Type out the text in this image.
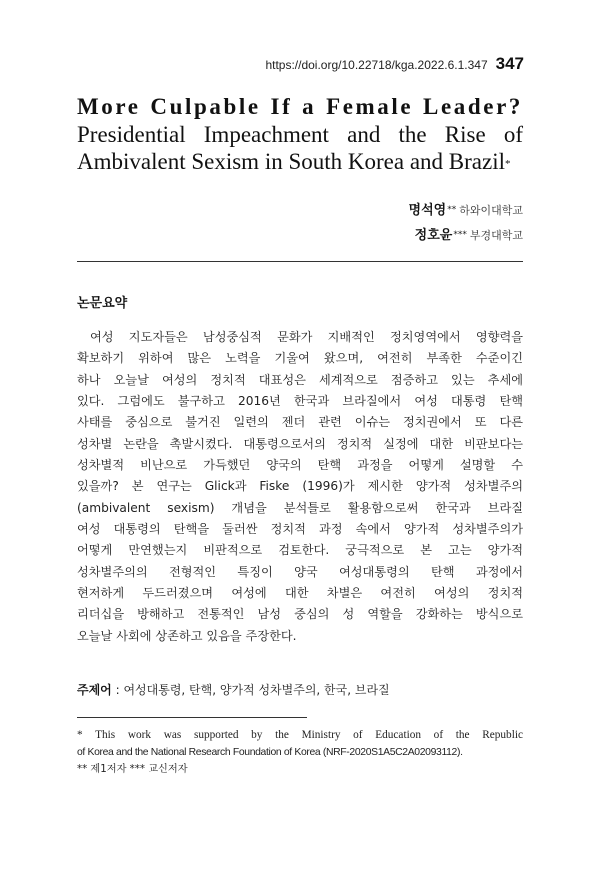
https://doi.org/10.22718/kga.2022.6.1.347 347
More Culpable If a Female Leader?
Presidential Impeachment and the Rise of
Ambivalent Sexism in South Korea and Brazil*
명석영** 하와이대학교
정호윤*** 부경대학교
논문요약
여성 지도자들은 남성중심적 문화가 지배적인 정치영역에서 영향력을
확보하기 위하여 많은 노력을 기울여 왔으며, 여전히 부족한 수준이긴
하나 오늘날 여성의 정치적 대표성은 세계적으로 점증하고 있는 추세에
있다. 그럼에도 불구하고 2016년 한국과 브라질에서 여성 대통령 탄핵
사태를 중심으로 불거진 일련의 젠더 관련 이슈는 정치권에서 또 다른
성차별 논란을 촉발시켰다. 대통령으로서의 정치적 실정에 대한 비판보다는
성차별적 비난으로 가득했던 양국의 탄핵 과정을 어떻게 설명할 수
있을까? 본 연구는 Glick과 Fiske (1996)가 제시한 양가적 성차별주의
(ambivalent sexism) 개념을 분석틀로 활용함으로써 한국과 브라질
여성 대통령의 탄핵을 둘러싼 정치적 과정 속에서 양가적 성차별주의가
어떻게 만연했는지 비판적으로 검토한다. 궁극적으로 본 고는 양가적
성차별주의의 전형적인 특징이 양국 여성대통령의 탄핵 과정에서
현저하게 두드러졌으며 여성에 대한 차별은 여전히 여성의 정치적
리더십을 방해하고 전통적인 남성 중심의 성 역할을 강화하는 방식으로
오늘날 사회에 상존하고 있음을 주장한다.
주제어 : 여성대통령, 탄핵, 양가적 성차별주의, 한국, 브라질
* This work was supported by the Ministry of Education of the Republic
of Korea and the National Research Foundation of Korea (NRF-2020S1A5C2A02093112).
** 제1저자 *** 교신저자
